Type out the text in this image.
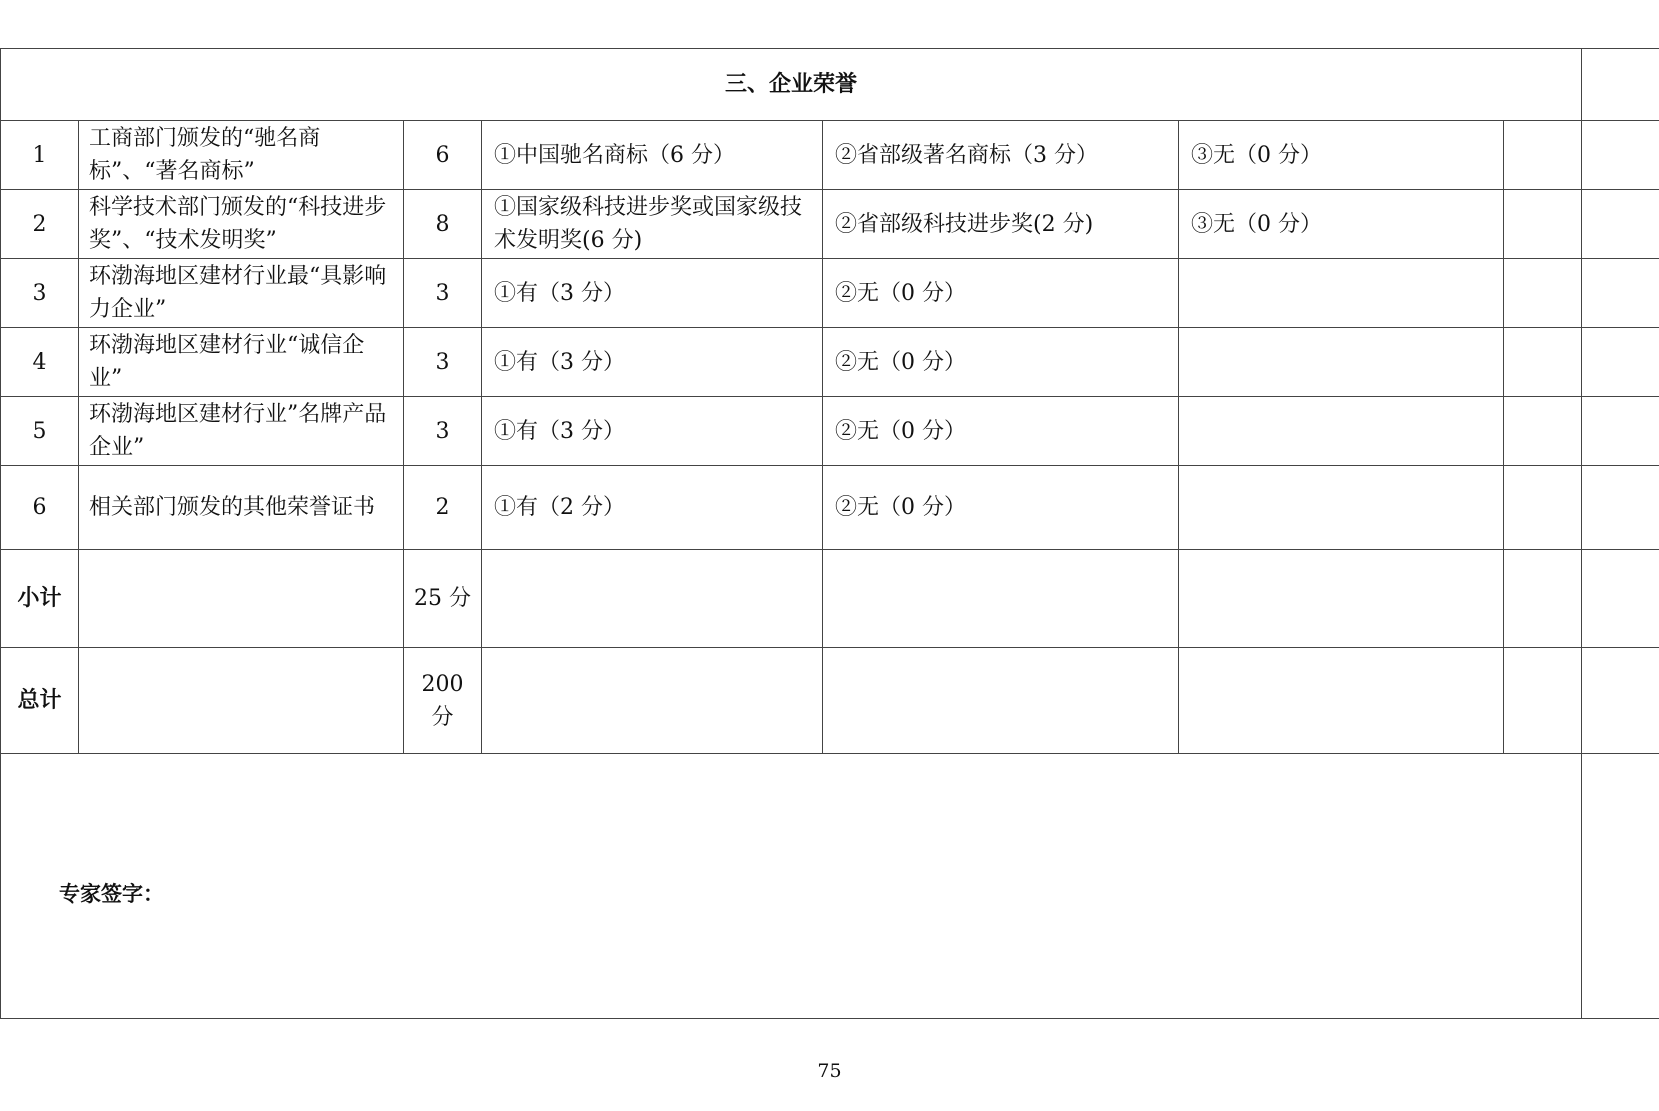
三、企业荣誉							
1	工商部门颁发的“驰名商标”、“著名商标”	6	①中国驰名商标（6 分）	②省部级著名商标（3 分）	③无（0 分）		
2	科学技术部门颁发的“科技进步奖”、“技术发明奖”	8	①国家级科技进步奖或国家级技术发明奖(6 分)	②省部级科技进步奖(2 分)	③无（0 分）		
3	环渤海地区建材行业最“具影响力企业”	3	①有（3 分）	②无（0 分）			
4	环渤海地区建材行业“诚信企业”	3	①有（3 分）	②无（0 分）			
5	环渤海地区建材行业”名牌产品企业”	3	①有（3 分）	②无（0 分）			
6	相关部门颁发的其他荣誉证书	2	①有（2 分）	②无（0 分）			
小计		25 分					
总计		200 分					

专家签字：							

75
